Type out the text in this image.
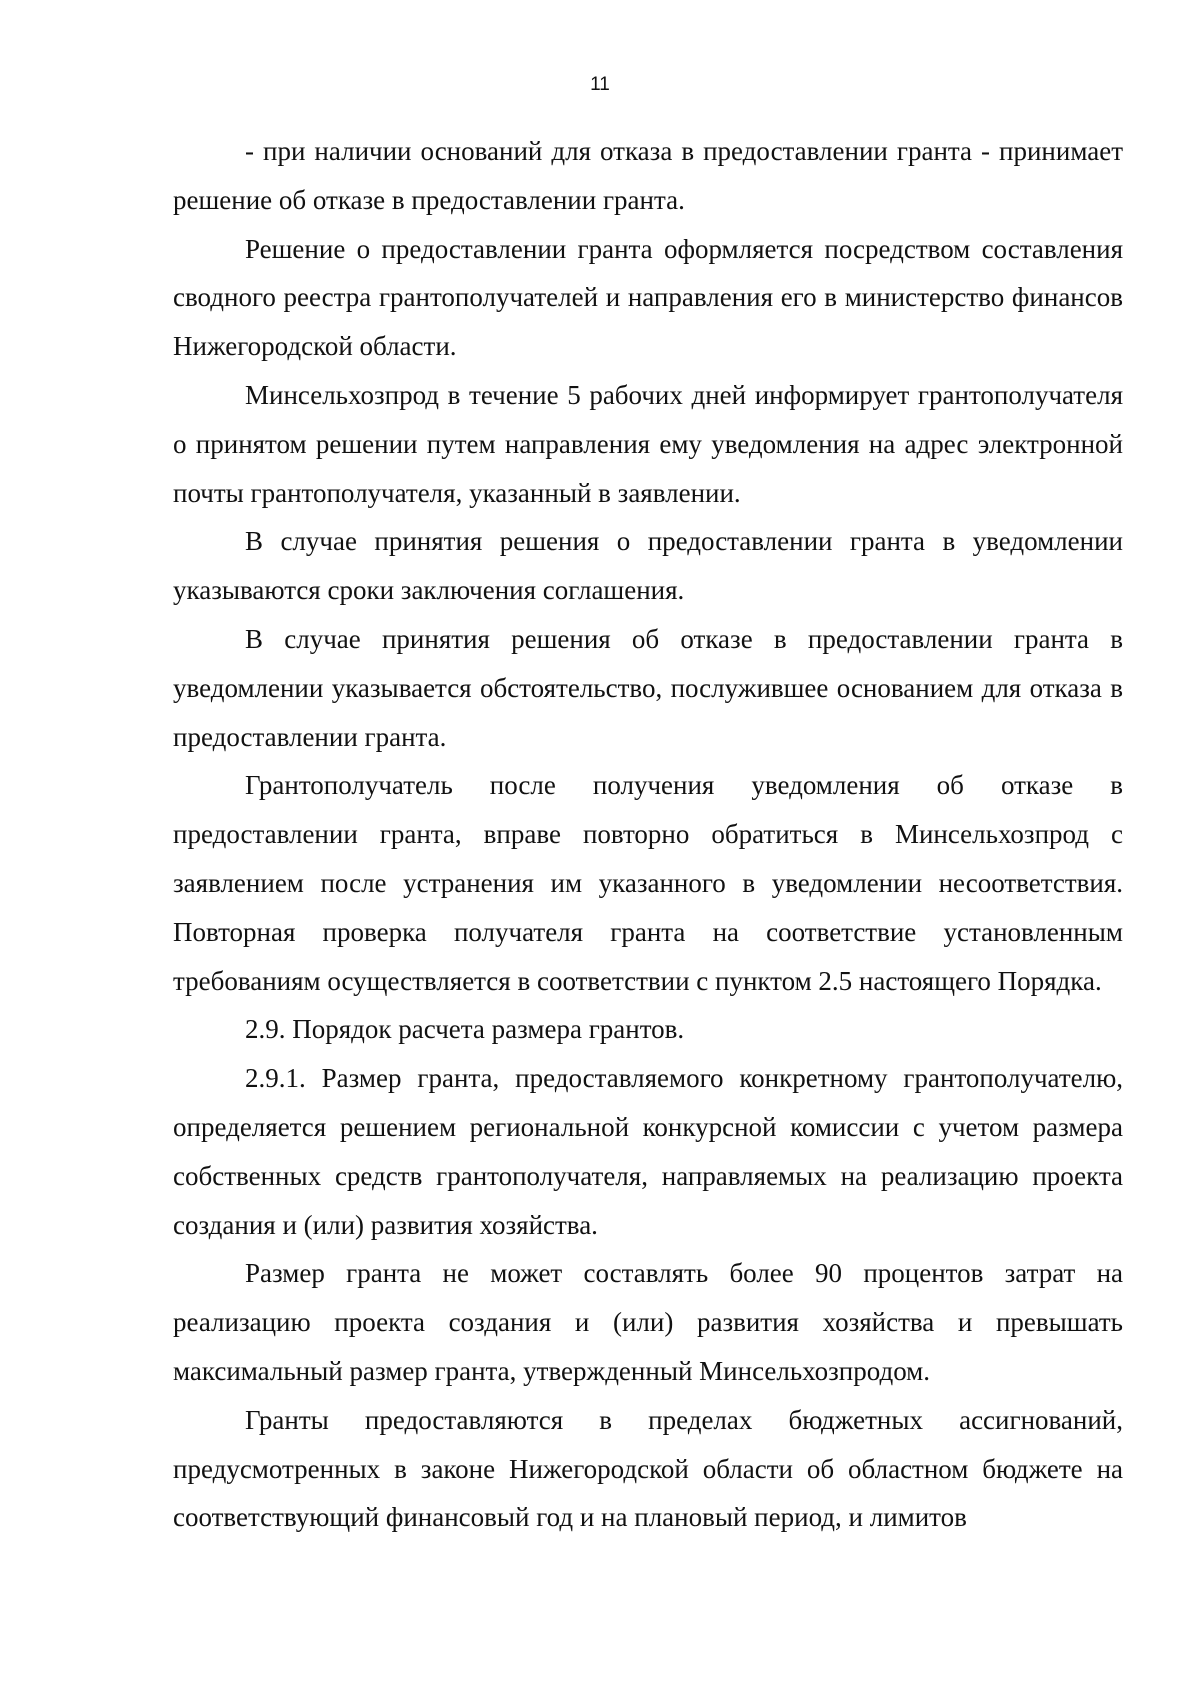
11

- при наличии оснований для отказа в предоставлении гранта - принимает решение об отказе в предоставлении гранта.

Решение о предоставлении гранта оформляется посредством составления сводного реестра грантополучателей и направления его в министерство финансов Нижегородской области.

Минсельхозпрод в течение 5 рабочих дней информирует грантополучателя о принятом решении путем направления ему уведомления на адрес электронной почты грантополучателя, указанный в заявлении.

В случае принятия решения о предоставлении гранта в уведомлении указываются сроки заключения соглашения.

В случае принятия решения об отказе в предоставлении гранта в уведомлении указывается обстоятельство, послужившее основанием для отказа в предоставлении гранта.

Грантополучатель после получения уведомления об отказе в предоставлении гранта, вправе повторно обратиться в Минсельхозпрод с заявлением после устранения им указанного в уведомлении несоответствия. Повторная проверка получателя гранта на соответствие установленным требованиям осуществляется в соответствии с пунктом 2.5 настоящего Порядка.

2.9. Порядок расчета размера грантов.

2.9.1. Размер гранта, предоставляемого конкретному грантополучателю, определяется решением региональной конкурсной комиссии с учетом размера собственных средств грантополучателя, направляемых на реализацию проекта создания и (или) развития хозяйства.

Размер гранта не может составлять более 90 процентов затрат на реализацию проекта создания и (или) развития хозяйства и превышать максимальный размер гранта, утвержденный Минсельхозпродом.

Гранты предоставляются в пределах бюджетных ассигнований, предусмотренных в законе Нижегородской области об областном бюджете на соответствующий финансовый год и на плановый период, и лимитов
